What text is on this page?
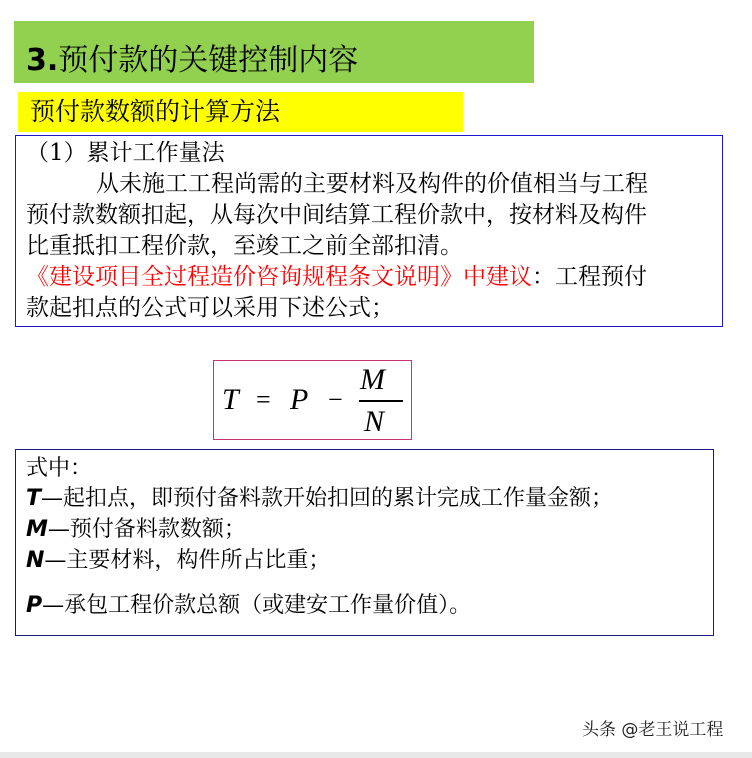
3.预付款的关键控制内容
预付款数额的计算方法
（1）累计工作量法
从未施工工程尚需的主要材料及构件的价值相当与工程
预付款数额扣起，从每次中间结算工程价款中，按材料及构件
比重抵扣工程价款，至竣工之前全部扣清。
《建设项目全过程造价咨询规程条文说明》中建议：工程预付
款起扣点的公式可以采用下述公式；
T = P −
M
N
式中：
T—起扣点，即预付备料款开始扣回的累计完成工作量金额；
M—预付备料款数额；
N—主要材料，构件所占比重；
P—承包工程价款总额（或建安工作量价值）。
头条 @老王说工程
